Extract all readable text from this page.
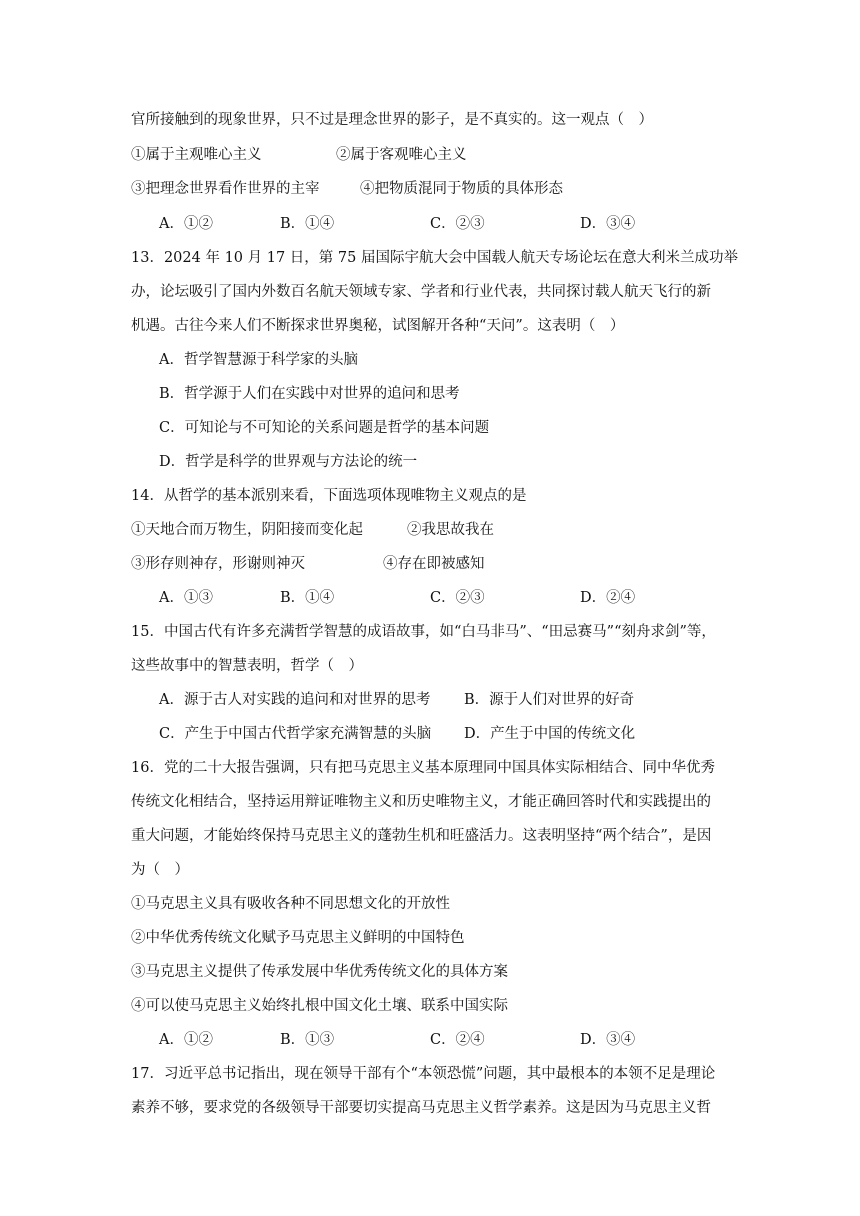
官所接触到的现象世界，只不过是理念世界的影子，是不真实的。这一观点（　）
①属于主观唯心主义	②属于客观唯心主义
③把理念世界看作世界的主宰	④把物质混同于物质的具体形态
A．①②	B．①④	C．②③	D．③④
13．2024 年 10 月 17 日，第 75 届国际宇航大会中国载人航天专场论坛在意大利米兰成功举
办，论坛吸引了国内外数百名航天领域专家、学者和行业代表，共同探讨载人航天飞行的新
机遇。古往今来人们不断探求世界奥秘，试图解开各种“天问”。这表明（　）
A．哲学智慧源于科学家的头脑
B．哲学源于人们在实践中对世界的追问和思考
C．可知论与不可知论的关系问题是哲学的基本问题
D．哲学是科学的世界观与方法论的统一
14．从哲学的基本派别来看，下面选项体现唯物主义观点的是
①天地合而万物生，阴阳接而变化起	②我思故我在
③形存则神存，形谢则神灭	④存在即被感知
A．①③	B．①④	C．②③	D．②④
15．中国古代有许多充满哲学智慧的成语故事，如“白马非马”、“田忌赛马”“刻舟求剑”等，
这些故事中的智慧表明，哲学（　）
A．源于古人对实践的追问和对世界的思考 B．源于人们对世界的好奇
C．产生于中国古代哲学家充满智慧的头脑 D．产生于中国的传统文化
16．党的二十大报告强调，只有把马克思主义基本原理同中国具体实际相结合、同中华优秀
传统文化相结合，坚持运用辩证唯物主义和历史唯物主义，才能正确回答时代和实践提出的
重大问题，才能始终保持马克思主义的蓬勃生机和旺盛活力。这表明坚持“两个结合”，是因
为（　）
①马克思主义具有吸收各种不同思想文化的开放性
②中华优秀传统文化赋予马克思主义鲜明的中国特色
③马克思主义提供了传承发展中华优秀传统文化的具体方案
④可以使马克思主义始终扎根中国文化土壤、联系中国实际
A．①②	B．①③	C．②④	D．③④
17．习近平总书记指出，现在领导干部有个“本领恐慌”问题，其中最根本的本领不足是理论
素养不够，要求党的各级领导干部要切实提高马克思主义哲学素养。这是因为马克思主义哲
